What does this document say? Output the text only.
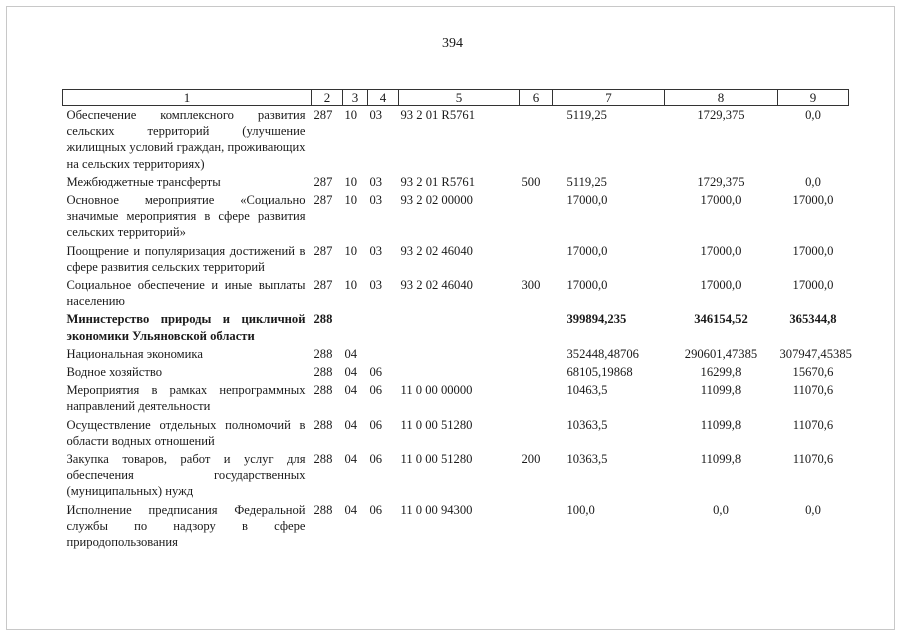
394
1	2	3	4	5	6	7	8	9
Обеспечение комплексного развития сельских территорий (улучшение жилищных условий граждан, проживающих на сельских территориях)	287	10	03	93 2 01 R5761		5119,25	1729,375	0,0
Межбюджетные трансферты	287	10	03	93 2 01 R5761	500	5119,25	1729,375	0,0
Основное мероприятие «Социально значимые мероприятия в сфере развития сельских территорий»	287	10	03	93 2 02 00000		17000,0	17000,0	17000,0
Поощрение и популяризация достижений в сфере развития сельских территорий	287	10	03	93 2 02 46040		17000,0	17000,0	17000,0
Социальное обеспечение и иные выплаты населению	287	10	03	93 2 02 46040	300	17000,0	17000,0	17000,0
Министерство природы и цикличной экономики Ульяновской области	288					399894,235	346154,52	365344,8
Национальная экономика	288	04				352448,48706	290601,47385	307947,45385
Водное хозяйство	288	04	06			68105,19868	16299,8	15670,6
Мероприятия в рамках непрограммных направлений деятельности	288	04	06	11 0 00 00000		10463,5	11099,8	11070,6
Осуществление отдельных полномочий в области водных отношений	288	04	06	11 0 00 51280		10363,5	11099,8	11070,6
Закупка товаров, работ и услуг для обеспечения государственных (муниципальных) нужд	288	04	06	11 0 00 51280	200	10363,5	11099,8	11070,6
Исполнение предписания Федеральной службы по надзору в сфере природопользования	288	04	06	11 0 00 94300		100,0	0,0	0,0
